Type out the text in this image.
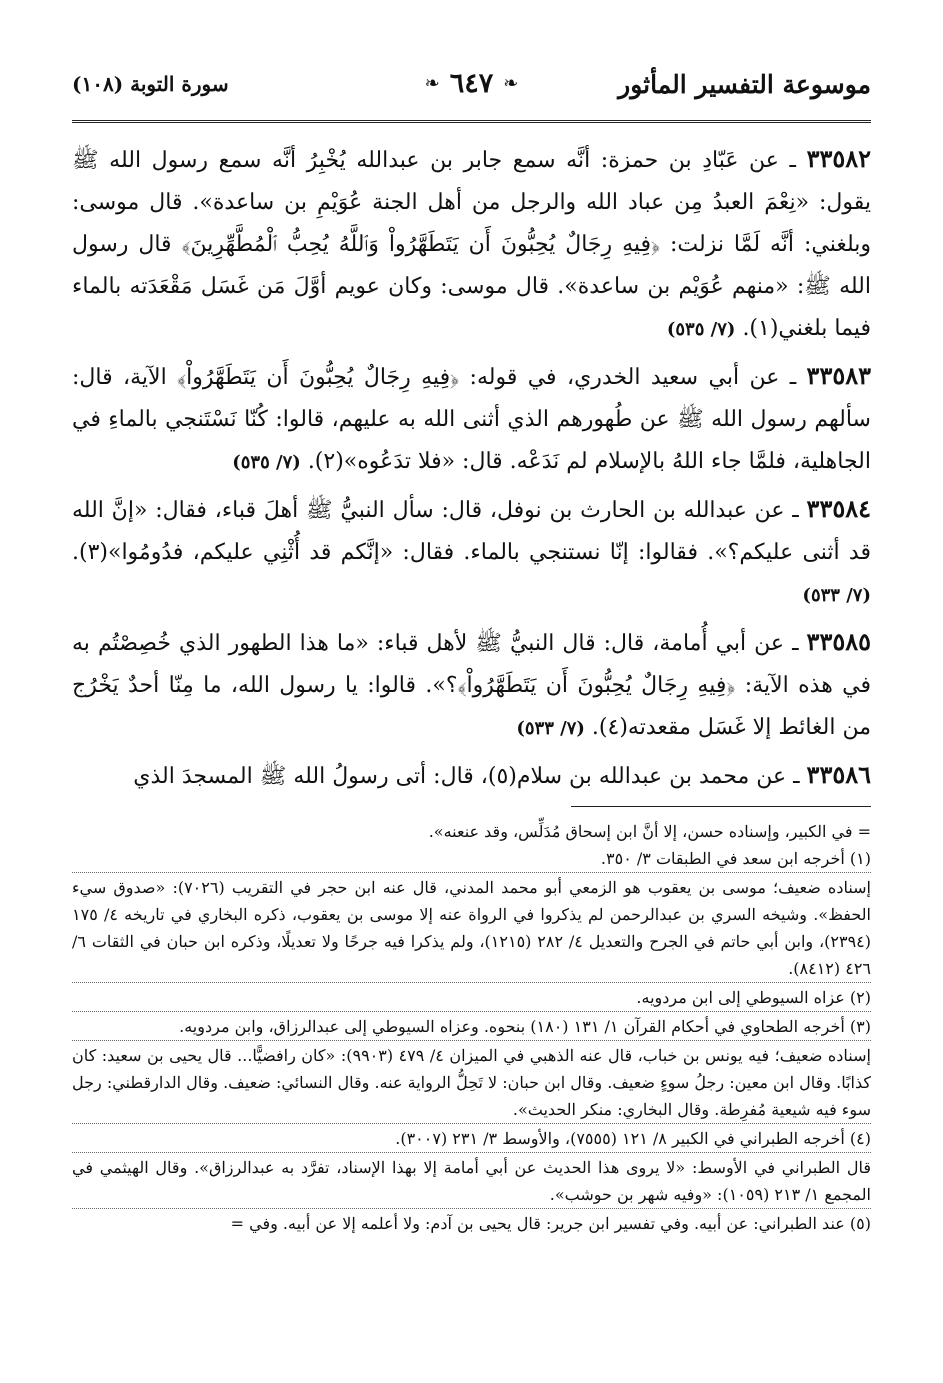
موسوعة التفسير المأثور
❧
٦٤٧
❧
سورة التوبة (١٠٨)

٣٣٥٨٢ ـ عن عَبّادِ بن حمزة: أنَّه سمع جابر بن عبدالله يُخْبِرُ أنَّه سمع رسول الله ﷺ يقول: «نِعْمَ العبدُ مِن عباد الله والرجل من أهل الجنة عُوَيْمِ بن ساعدة». قال موسى: وبلغني: أنَّه لَمَّا نزلت: ﴿فِيهِ رِجَالٌ يُحِبُّونَ أَن يَتَطَهَّرُواْ وَٱللَّهُ يُحِبُّ ٱلْمُطَّهِّرِينَ﴾ قال رسول الله ﷺ: «منهم عُوَيْم بن ساعدة». قال موسى: وكان عويم أوَّلَ مَن غَسَل مَقْعَدَته بالماء فيما بلغني(١). (٧/ ٥٣٥)

٣٣٥٨٣ ـ عن أبي سعيد الخدري، في قوله: ﴿فِيهِ رِجَالٌ يُحِبُّونَ أَن يَتَطَهَّرُواْ﴾ الآية، قال: سألهم رسول الله ﷺ عن طُهورهم الذي أثنى الله به عليهم، قالوا: كُنّا نَسْتَنجي بالماءِ في الجاهلية، فلمَّا جاء اللهُ بالإسلام لم نَدَعْه. قال: «فلا تدَعُوه»(٢). (٧/ ٥٣٥)

٣٣٥٨٤ ـ عن عبدالله بن الحارث بن نوفل، قال: سأل النبيُّ ﷺ أهلَ قباء، فقال: «إنَّ الله قد أثنى عليكم؟». فقالوا: إنّا نستنجي بالماء. فقال: «إنَّكم قد أُثْنِي عليكم، فدُومُوا»(٣). (٧/ ٥٣٣)

٣٣٥٨٥ ـ عن أبي أُمامة، قال: قال النبيُّ ﷺ لأهل قباء: «ما هذا الطهور الذي خُصِصْتُم به في هذه الآية: ﴿فِيهِ رِجَالٌ يُحِبُّونَ أَن يَتَطَهَّرُواْ﴾؟». قالوا: يا رسول الله، ما مِنّا أحدٌ يَخْرُج من الغائط إلا غَسَل مقعدته(٤). (٧/ ٥٣٣)

٣٣٥٨٦ ـ عن محمد بن عبدالله بن سلام(٥)، قال: أتى رسولُ الله ﷺ المسجدَ الذي

= في الكبير، وإسناده حسن، إلا أنَّ ابن إسحاق مُدَلِّس، وقد عنعنه».

(١) أخرجه ابن سعد في الطبقات ٣/ ٣٥٠.

إسناده ضعيف؛ موسى بن يعقوب هو الزمعي أبو محمد المدني، قال عنه ابن حجر في التقريب (٧٠٢٦): «صدوق سيء الحفظ». وشيخه السري بن عبدالرحمن لم يذكروا في الرواة عنه إلا موسى بن يعقوب، ذكره البخاري في تاريخه ٤/ ١٧٥ (٢٣٩٤)، وابن أبي حاتم في الجرح والتعديل ٤/ ٢٨٢ (١٢١٥)، ولم يذكرا فيه جرحًا ولا تعديلًا، وذكره ابن حبان في الثقات ٦/ ٤٢٦ (٨٤١٢).

(٢) عزاه السيوطي إلى ابن مردويه.

(٣) أخرجه الطحاوي في أحكام القرآن ١/ ١٣١ (١٨٠) بنحوه. وعزاه السيوطي إلى عبدالرزاق، وابن مردويه.

إسناده ضعيف؛ فيه يونس بن خباب، قال عنه الذهبي في الميزان ٤/ ٤٧٩ (٩٩٠٣): «كان رافضيًّا... قال يحيى بن سعيد: كان كذابًا. وقال ابن معين: رجلُ سوءٍ ضعيف. وقال ابن حبان: لا تَحِلُّ الرواية عنه. وقال النسائي: ضعيف. وقال الدارقطني: رجل سوء فيه شيعية مُفرِطة. وقال البخاري: منكر الحديث».

(٤) أخرجه الطبراني في الكبير ٨/ ١٢١ (٧٥٥٥)، والأوسط ٣/ ٢٣١ (٣٠٠٧).

قال الطبراني في الأوسط: «لا يروى هذا الحديث عن أبي أمامة إلا بهذا الإسناد، تفرَّد به عبدالرزاق». وقال الهيثمي في المجمع ١/ ٢١٣ (١٠٥٩): «وفيه شهر بن حوشب».

(٥) عند الطبراني: عن أبيه. وفي تفسير ابن جرير: قال يحيى بن آدم: ولا أعلمه إلا عن أبيه. وفي =
